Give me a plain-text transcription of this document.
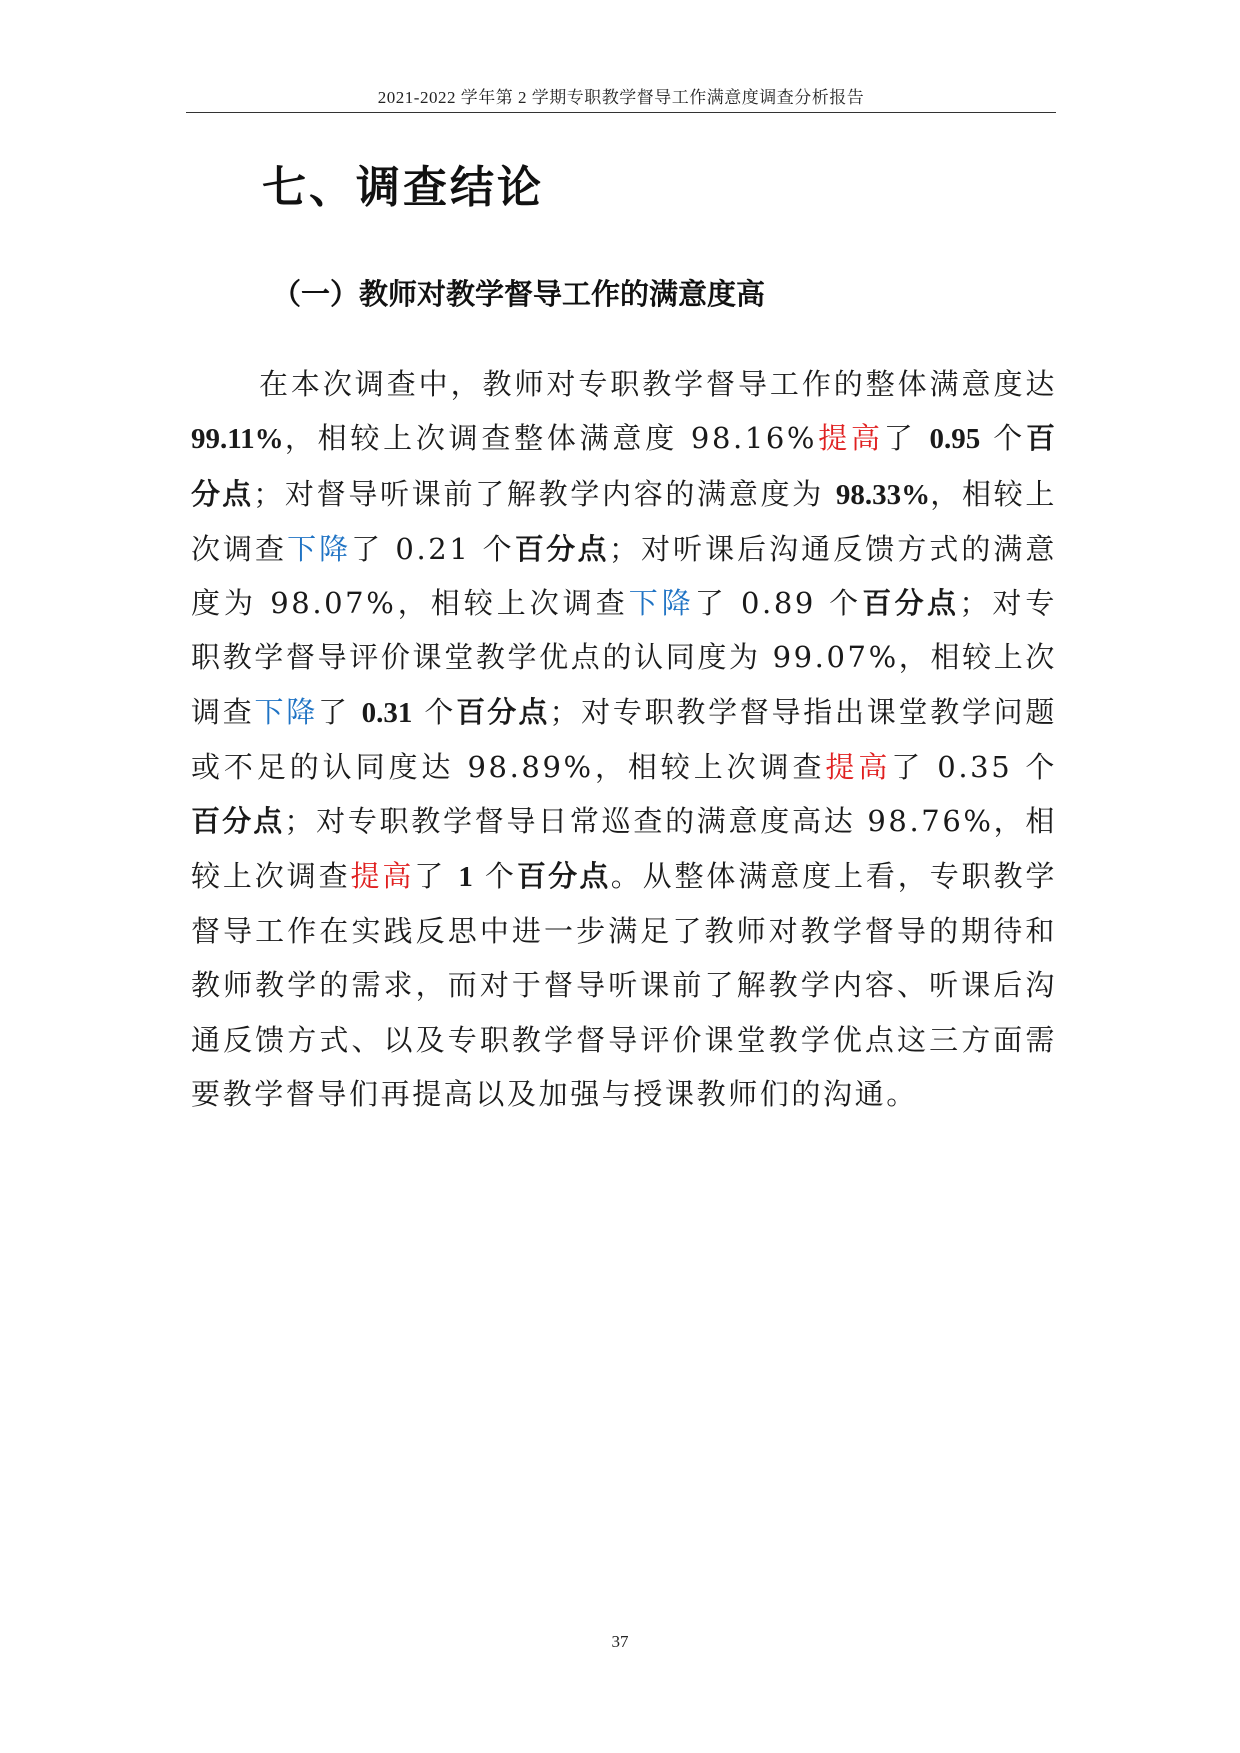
2021-2022 学年第 2 学期专职教学督导工作满意度调查分析报告
七、调查结论
（一）教师对教学督导工作的满意度高

在本次调查中，教师对专职教学督导工作的整体满意度达 99.11%，相较上次调查整体满意度 98.16%提高了 0.95 个百分点；对督导听课前了解教学内容的满意度为 98.33%，相较上次调查下降了 0.21 个百分点；对听课后沟通反馈方式的满意度为 98.07%，相较上次调查下降了 0.89 个百分点；对专职教学督导评价课堂教学优点的认同度为 99.07%，相较上次调查下降了 0.31 个百分点；对专职教学督导指出课堂教学问题或不足的认同度达 98.89%，相较上次调查提高了 0.35 个百分点；对专职教学督导日常巡查的满意度高达 98.76%，相较上次调查提高了 1 个百分点。从整体满意度上看，专职教学督导工作在实践反思中进一步满足了教师对教学督导的期待和教师教学的需求，而对于督导听课前了解教学内容、听课后沟通反馈方式、以及专职教学督导评价课堂教学优点这三方面需要教学督导们再提高以及加强与授课教师们的沟通。

37
